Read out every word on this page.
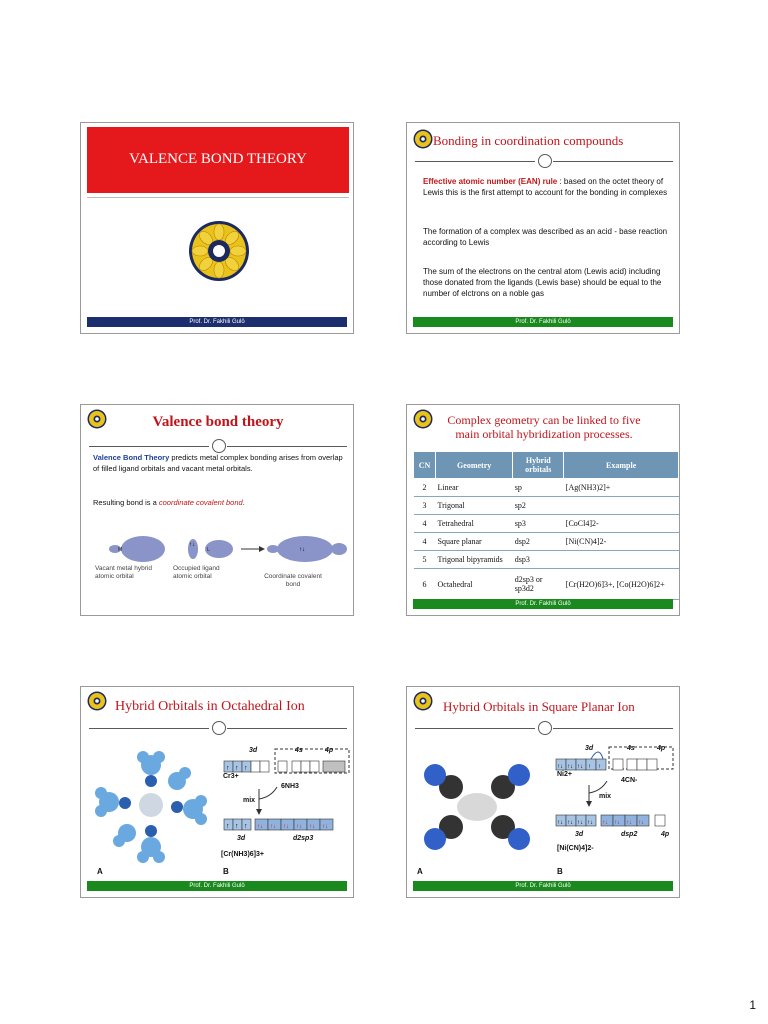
VALENCE BOND THEORY
Prof. Dr. Fakhili Gulö
Bonding in coordination compounds
Effective atomic number (EAN) rule : based on the octet theory of Lewis this is the first attempt to account for the bonding in complexes
The formation of a complex was described as an acid - base reaction according to Lewis
The sum of the electrons on the central atom (Lewis acid) including those donated from the ligands (Lewis base) should be equal to the number of elctrons on a noble gas
Prof. Dr. Fakhili Gulö
Valence bond theory
Valence Bond Theory predicts metal complex bonding arises from overlap of filled ligand orbitals and vacant metal orbitals.
Resulting bond is a coordinate covalent bond.
M
↑↓
L	↑↓
Vacant metal hybrid atomic orbital
Occupied ligand atomic orbital	Coordinate covalent bond
Complex geometry can be linked to five
main orbital hybridization processes.
CN	Geometry	Hybrid orbitals	Example
2	Linear	sp	[Ag(NH3)2]+
3	Trigonal	sp2	
4	Tetrahedral	sp3	[CoCl4]2-
4	Square planar	dsp2	[Ni(CN)4]2-
5	Trigonal bipyramids	dsp3	
6	Octahedral	d2sp3 or sp3d2	[Cr(H2O)6]3+, [Co(H2O)6]2+
Prof. Dr. Fakhili Gulö
Hybrid Orbitals in Octahedral Ion
A
↑ ↑ ↑
↑ ↑ ↑ ↑↓ ↑↓ ↑↓ ↑↓ ↑↓ ↑↓
3d	4s	4p
Cr3+
mix
6NH3
3d	d2sp3
[Cr(NH3)6]3+
B
Prof. Dr. Fakhili Gulö
Hybrid Orbitals in Square Planar Ion
A
↑↓ ↑↓ ↑↓ ↑ ↑
↑↓ ↑↓ ↑↓ ↑↓ ↑↓ ↑↓ ↑↓ ↑↓
3d	4s	4p
Ni2+
mix
4CN-
3d	dsp2	4p
[Ni(CN)4]2-
B
Prof. Dr. Fakhili Gulö
1
